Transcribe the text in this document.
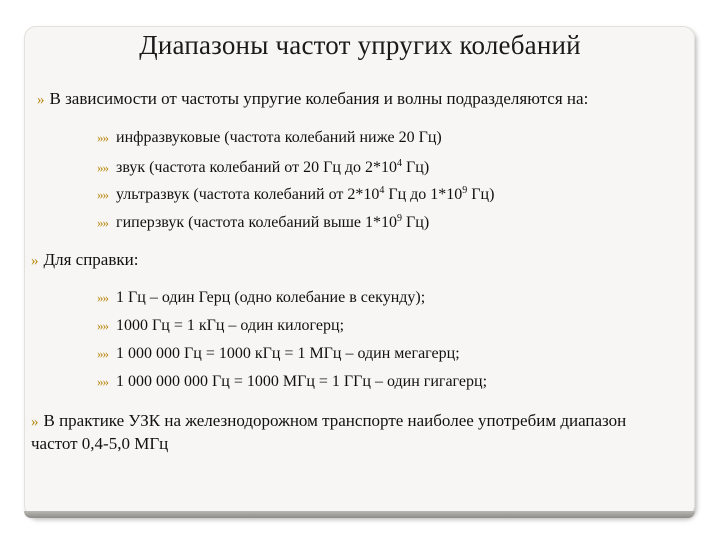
Диапазоны частот упругих колебаний
» В зависимости от частоты упругие колебания и волны подразделяются на:
»» инфразвуковые (частота колебаний ниже 20 Гц)
»» звук (частота колебаний от 20 Гц до $2*10^4$ Гц)
»» ультразвук (частота колебаний от $2*10^4$ Гц до $1*10^9$ Гц)
»» гиперзвук (частота колебаний выше $1*10^9$ Гц)
» Для справки:
»» 1 Гц – один Герц (одно колебание в секунду);
»» 1000 Гц = 1 кГц – один килогерц;
»» 1 000 000 Гц = 1000 кГц = 1 МГц – один мегагерц;
»» 1 000 000 000 Гц = 1000 МГц = 1 ГГц – один гигагерц;
» В практике УЗК на железнодорожном транспорте наиболее употребим диапазон
частот 0,4-5,0 МГц
